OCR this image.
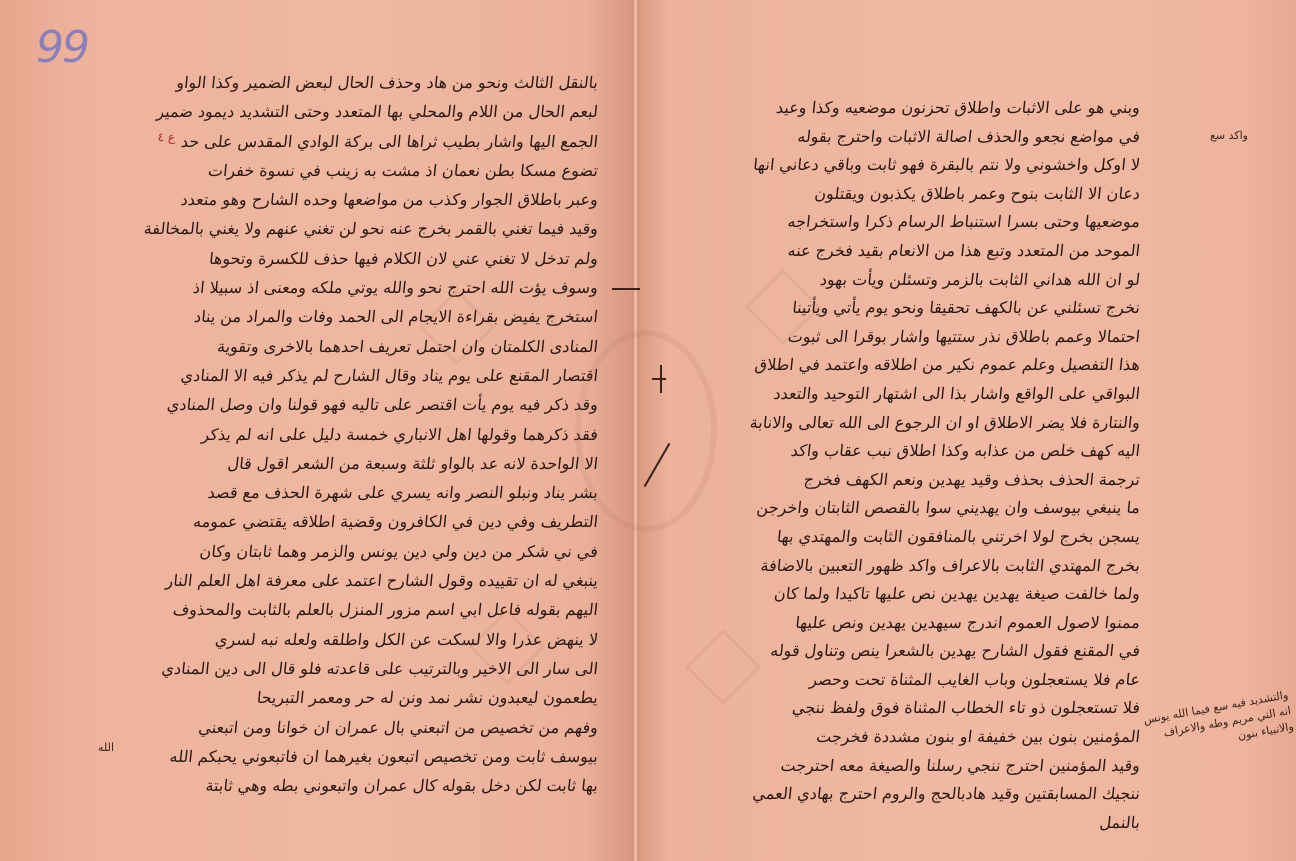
99
ع ٤
بالنقل الثالث ونحو من هاد وحذف الحال لبعض الضمير وكذا الواو
لبعم الحال من اللام والمحلي بها المتعدد وحتى التشديد ديمود ضمير
الجمع اليها واشار بطيب ثراها الى بركة الوادي المقدس على حد
تضوع مسكا بطن نعمان اذ مشت به زينب في نسوة خفرات
وعبر باطلاق الجوار وكذب من مواضعها وحده الشارح وهو متعدد
وقيد فيما تغني بالقمر بخرج عنه نحو لن تغني عنهم ولا يغني بالمخالفة
ولم تدخل لا تغني عني لان الكلام فيها حذف للكسرة وتحوها
وسوف يؤت الله احترج نحو والله يوتي ملكه ومعنى اذ سبيلا اذ
استخرج يفيض بقراءة الايجام الى الحمد وفات والمراد من يناد
المنادى الكلمتان وان احتمل تعريف احدهما بالاخرى وتقوية
اقتصار المقنع على يوم يناد وقال الشارح لم يذكر فيه الا المنادي
وقد ذكر فيه يوم يأت اقتصر على تاليه فهو قولنا وان وصل المنادي
فقد ذكرهما وقولها اهل الانباري خمسة دليل على انه لم يذكر
الا الواحدة لانه عد بالواو ثلثة وسبعة من الشعر اقول قال
بشر يناد ونبلو النصر وانه يسري على شهرة الحذف مع قصد
التطريف وفي دين في الكافرون وقضية اطلاقه يقتضي عمومه
في ني شكر من دين ولي دين يونس والزمر وهما ثابتان وكان
ينبغي له ان تقييده وقول الشارح اعتمد على معرفة اهل العلم النار
اليهم بقوله فاعل ابي اسم مزور المنزل بالعلم بالثابت والمحذوف
لا ينهض عذرا والا لسكت عن الكل واطلقه ولعله نبه لسري
الى سار الى الاخير وبالترتيب على قاعدته فلو قال الى دين المنادي
يطعمون ليعبدون نشر نمد ونن له حر ومعمر التبريحا
وفهم من تخصيص من اتبعني بال عمران ان خوانا ومن اتبعني
بيوسف ثابت ومن تخصيص اتبعون بغيرهما ان فاتبعوني يحبكم الله
بها ثابت لكن دخل بقوله كال عمران واتبعوني بطه وهي ثابتة
الله
وبني هو على الاثبات واطلاق تحزنون موضعيه وكذا وعيد
في مواضع نجعو والحذف اصالة الاثبات واحترج بقوله
لا اوكل واخشوني ولا نتم بالبقرة فهو ثابت وباقي دعاني انها
دعان الا الثابت بنوح وعمر باطلاق يكذبون ويقتلون
موضعيها وحتى بسرا استنباط الرسام ذكرا واستخراجه
الموحد من المتعدد وتبع هذا من الانعام بقيد فخرج عنه
لو ان الله هداني الثابت بالزمر وتسئلن ويأت بهود
نخرج تسئلني عن بالكهف تحقيقا ونحو يوم يأتي ويأتينا
احتمالا وعمم باطلاق نذر ستتيها واشار بوقرا الى ثبوت
هذا التفصيل وعلم عموم نكير من اطلاقه واعتمد في اطلاق
البواقي على الواقع واشار بذا الى اشتهار التوحيد والتعدد
والنتارة فلا يضر الاطلاق او ان الرجوع الى الله تعالى والانابة
اليه كهف خلص من عذابه وكذا اطلاق نبب عقاب واكد
ترجمة الحذف بحذف وقيد يهدين ونعم الكهف فخرج
ما ينبغي بيوسف وان يهديني سوا بالقصص الثابتان واخرجن
يسجن بخرج لولا اخرتني بالمنافقون الثابت والمهتدي بها
بخرج المهتدي الثابت بالاعراف واكد ظهور التعبين بالاضافة
ولما خالفت صيغة يهدين يهدين نص عليها تاكيدا ولما كان
ممنوا لاصول العموم اندرج سيهدين يهدين ونص عليها
في المقنع فقول الشارح يهدين بالشعرا ينص وتناول قوله
عام فلا يستعجلون وباب الغايب المثناة تحت وحصر
فلا تستعجلون ذو تاء الخطاب المثناة فوق ولفظ ننجي
المؤمنين بنون بين خفيفة او بنون مشددة فخرجت
وقيد المؤمنين احترج ننجي رسلنا والصيغة معه احترجت
ننجيك المسابقتين وقيد هادبالحج والروم احترج بهادي العمي
بالنمل
واكد سع
والتشديد فيه سع فيما الله يونس انه التي مريم وطه والاعراف والانبياء بنون
